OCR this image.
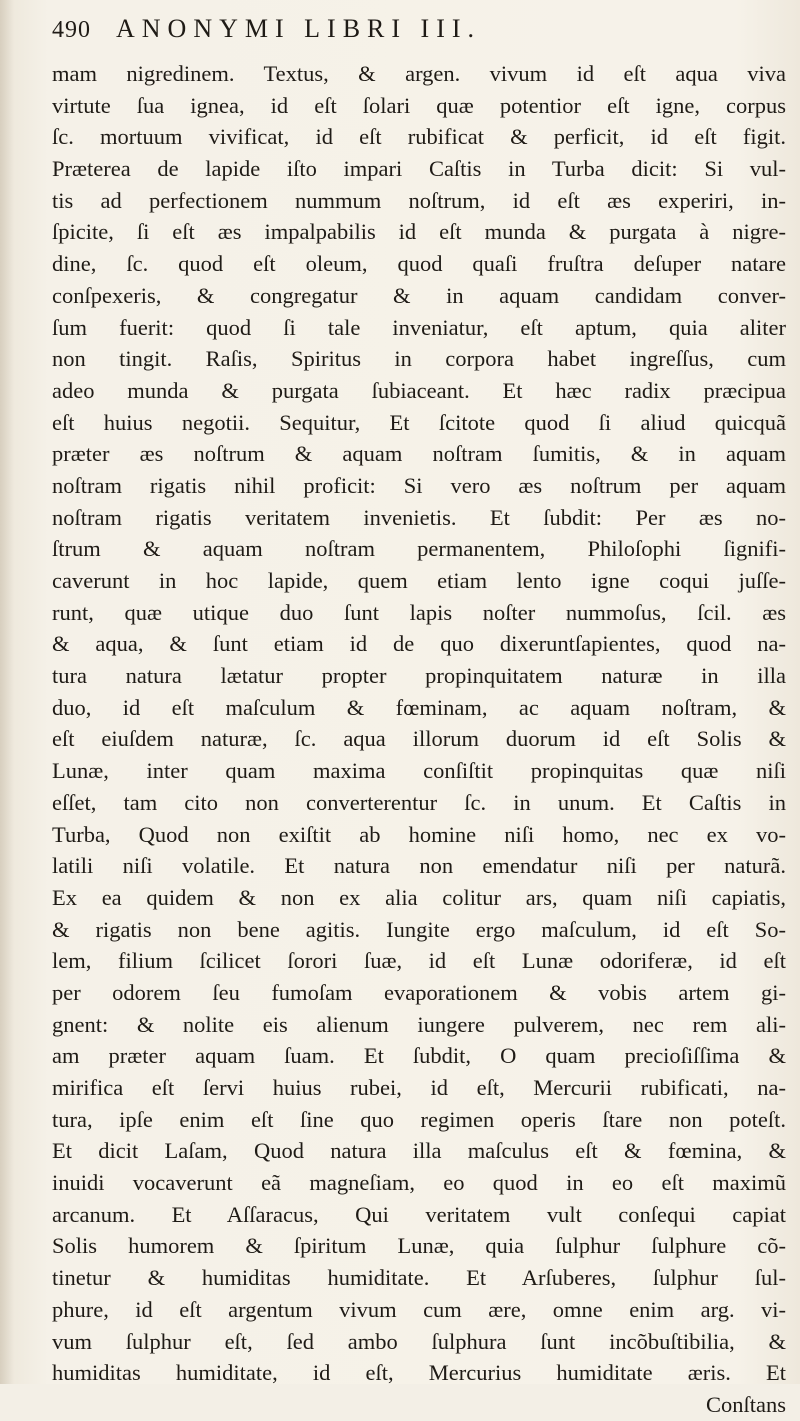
490 ANONYMI LIBRI III.
mam nigredinem. Textus, & argen. vivum id eſt aqua viva
virtute ſua ignea, id eſt ſolari quæ potentior eſt igne, corpus
ſc. mortuum vivificat, id eſt rubificat & perficit, id eſt figit.
Præterea de lapide iſto impari Caſtis in Turba dicit: Si vul-
tis ad perfectionem nummum noſtrum, id eſt æs experiri, in-
ſpicite, ſi eſt æs impalpabilis id eſt munda & purgata à nigre-
dine, ſc. quod eſt oleum, quod quaſi fruſtra deſuper natare
conſpexeris, & congregatur & in aquam candidam conver-
ſum fuerit: quod ſi tale inveniatur, eſt aptum, quia aliter
non tingit. Raſis, Spiritus in corpora habet ingreſſus, cum
adeo munda & purgata ſubiaceant. Et hæc radix præcipua
eſt huius negotii. Sequitur, Et ſcitote quod ſi aliud quicquã
præter æs noſtrum & aquam noſtram ſumitis, & in aquam
noſtram rigatis nihil proficit: Si vero æs noſtrum per aquam
noſtram rigatis veritatem invenietis. Et ſubdit: Per æs no-
ſtrum & aquam noſtram permanentem, Philoſophi ſignifi-
caverunt in hoc lapide, quem etiam lento igne coqui juſſe-
runt, quæ utique duo ſunt lapis noſter nummoſus, ſcil. æs
& aqua, & ſunt etiam id de quo dixeruntſapientes, quod na-
tura natura lætatur propter propinquitatem naturæ in illa
duo, id eſt maſculum & fœminam, ac aquam noſtram, &
eſt eiuſdem naturæ, ſc. aqua illorum duorum id eſt Solis &
Lunæ, inter quam maxima conſiſtit propinquitas quæ niſi
eſſet, tam cito non converterentur ſc. in unum. Et Caſtis in
Turba, Quod non exiſtit ab homine niſi homo, nec ex vo-
latili niſi volatile. Et natura non emendatur niſi per naturã.
Ex ea quidem & non ex alia colitur ars, quam niſi capiatis,
& rigatis non bene agitis. Iungite ergo maſculum, id eſt So-
lem, filium ſcilicet ſorori ſuæ, id eſt Lunæ odoriferæ, id eſt
per odorem ſeu fumoſam evaporationem & vobis artem gi-
gnent: & nolite eis alienum iungere pulverem, nec rem ali-
am præter aquam ſuam. Et ſubdit, O quam precioſiſſima &
mirifica eſt ſervi huius rubei, id eſt, Mercurii rubificati, na-
tura, ipſe enim eſt ſine quo regimen operis ſtare non poteſt.
Et dicit Laſam, Quod natura illa maſculus eſt & fœmina, &
inuidi vocaverunt eã magneſiam, eo quod in eo eſt maximũ
arcanum. Et Aſſaracus, Qui veritatem vult conſequi capiat
Solis humorem & ſpiritum Lunæ, quia ſulphur ſulphure cõ-
tinetur & humiditas humiditate. Et Arſuberes, ſulphur ſul-
phure, id eſt argentum vivum cum ære, omne enim arg. vi-
vum ſulphur eſt, ſed ambo ſulphura ſunt incõbuſtibilia, &
humiditas humiditate, id eſt, Mercurius humiditate æris. Et
Conſtans
